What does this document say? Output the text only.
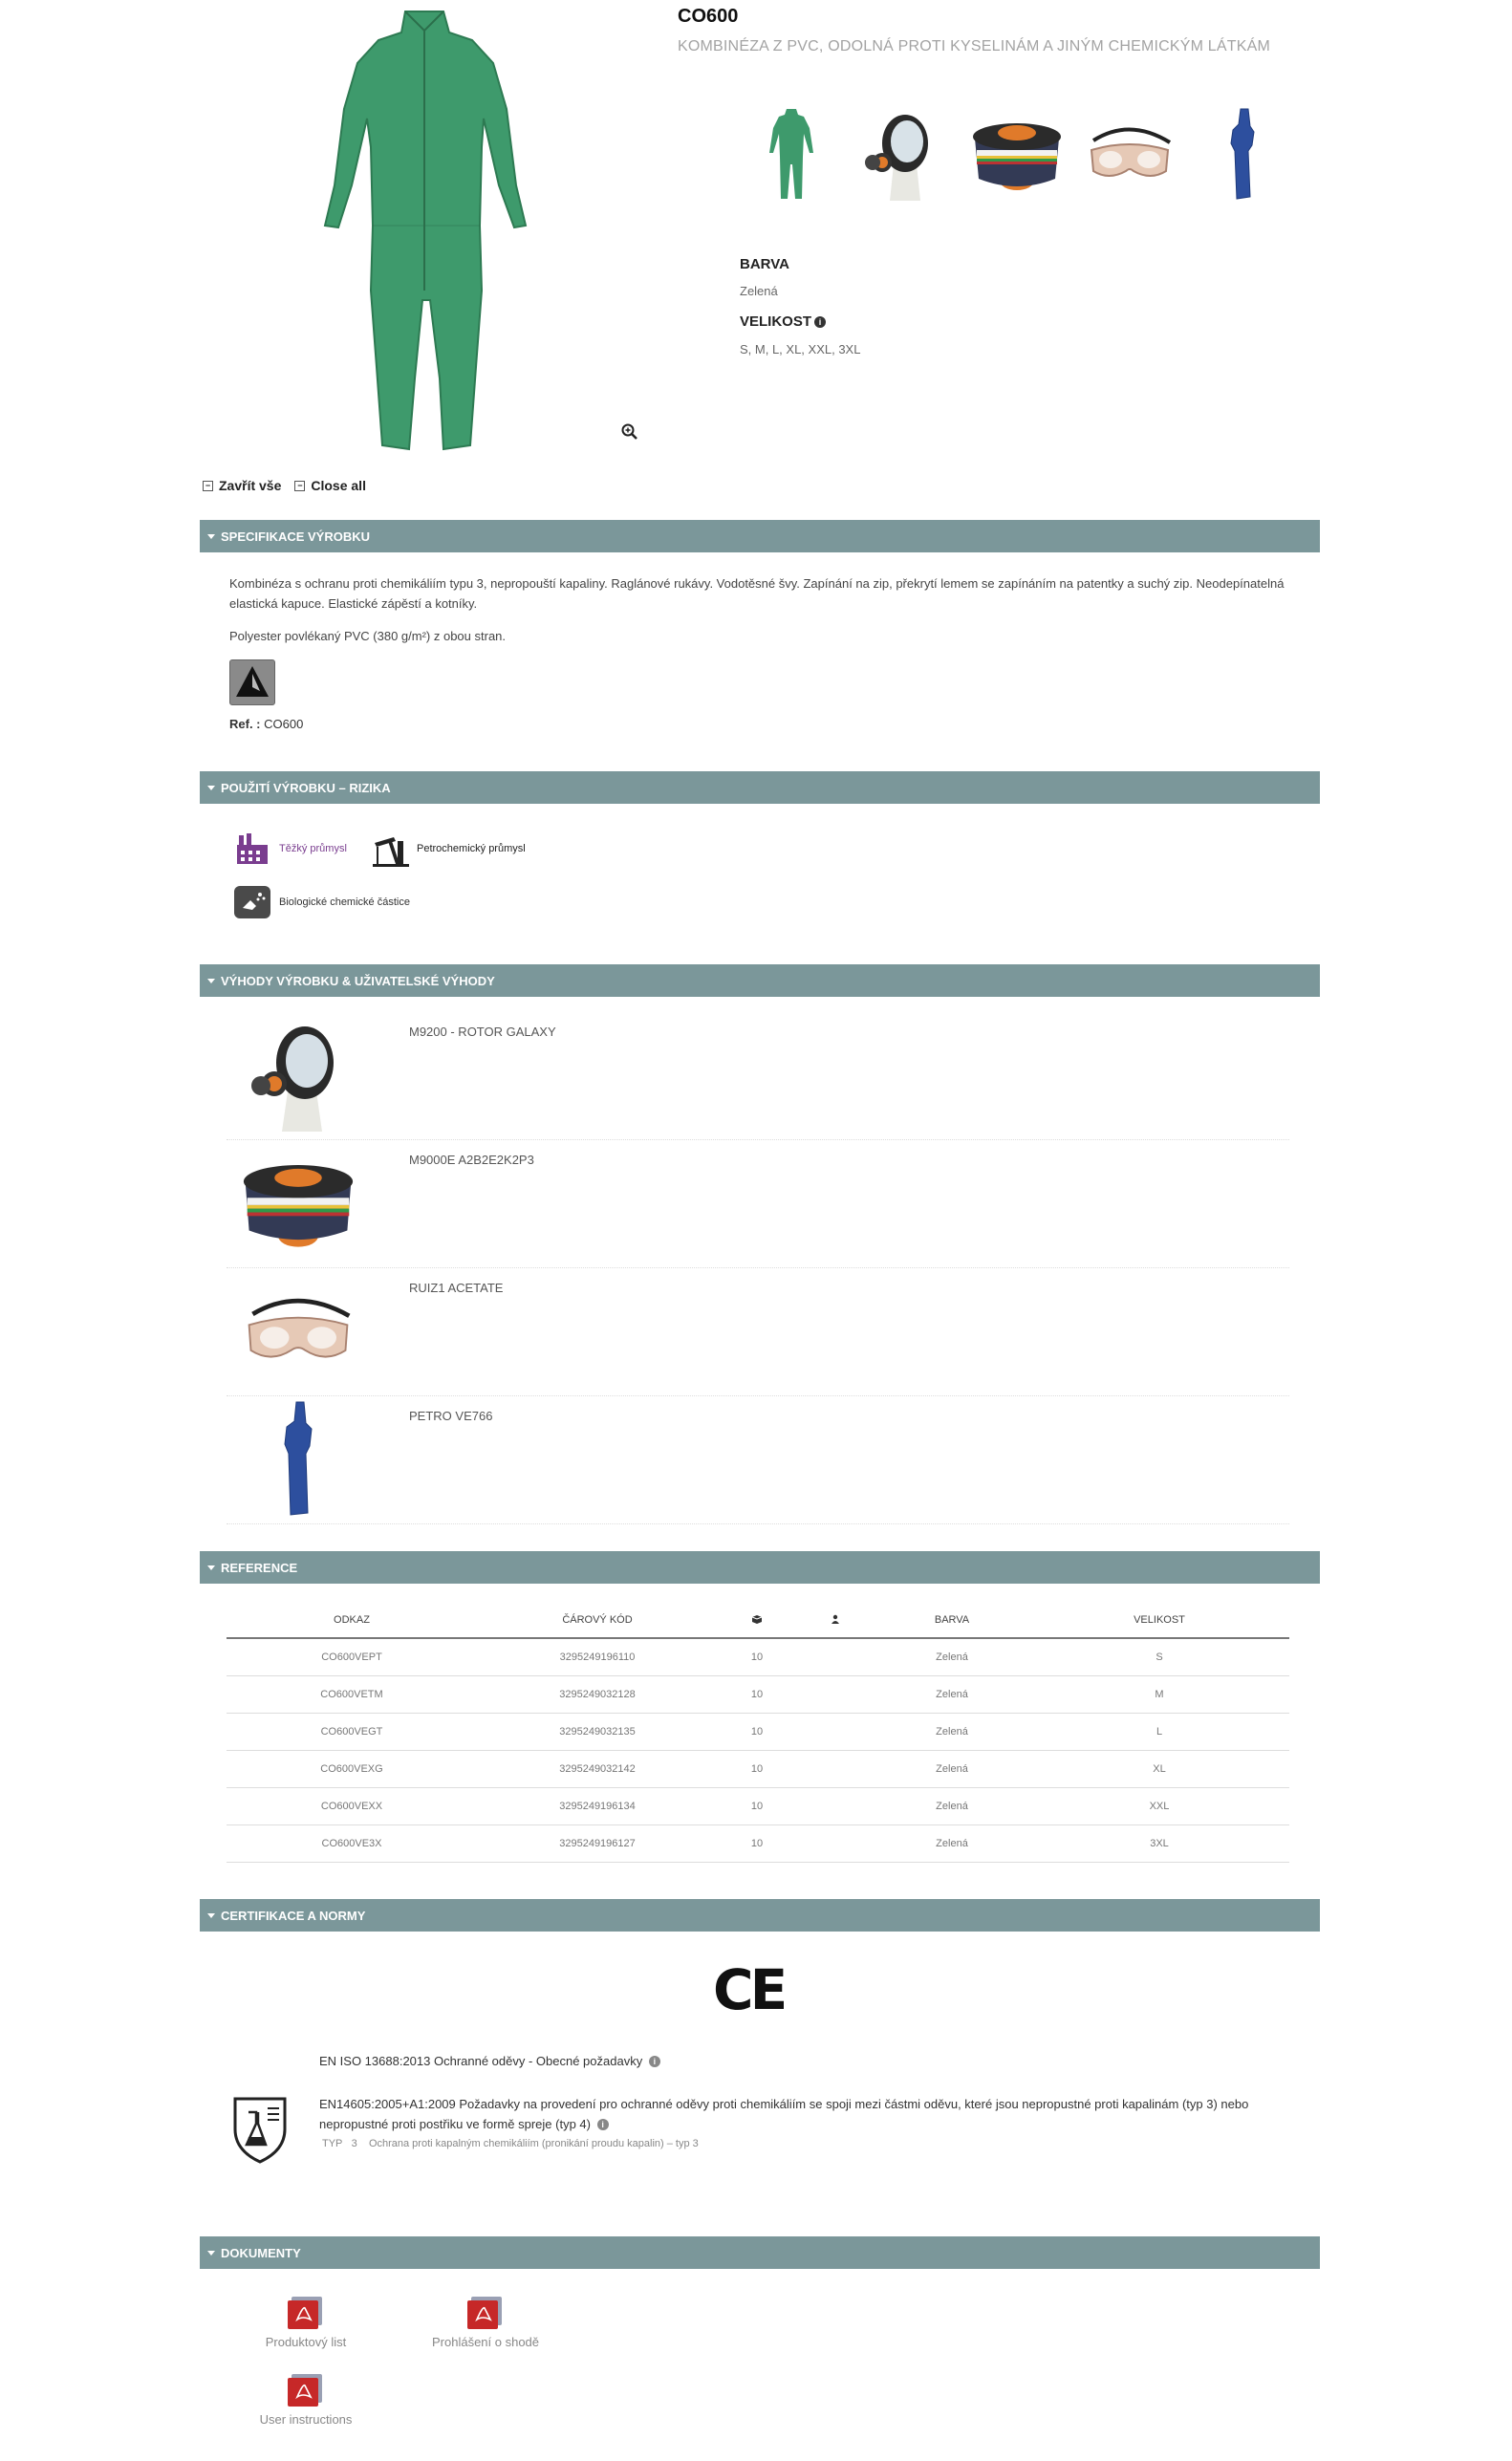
CO600
KOMBINÉZA Z PVC, ODOLNÁ PROTI KYSELINÁM A JINÝM CHEMICKÝM LÁTKÁM
BARVA
Zelená
VELIKOST i
S, M, L, XL, XXL, 3XL
− Zavřít vše	− Close all
SPECIFIKACE VÝROBKU
Kombinéza s ochranu proti chemikáliím typu 3, nepropouští kapaliny. Raglánové rukávy. Vodotěsné švy. Zapínání na zip, překrytí lemem se zapínáním na patentky a suchý zip. Neodepínatelná elastická kapuce. Elastické zápěstí a kotníky.
Polyester povlékaný PVC (380 g/m²) z obou stran.
Ref. : CO600
POUŽITÍ VÝROBKU – RIZIKA
Těžký průmysl	Petrochemický průmysl
Biologické chemické částice
VÝHODY VÝROBKU & UŽIVATELSKÉ VÝHODY
M9200 - ROTOR GALAXY
M9000E A2B2E2K2P3
RUIZ1 ACETATE
PETRO VE766
REFERENCE
ODKAZ	ČÁROVÝ KÓD			BARVA	VELIKOST
CO600VEPT	3295249196110	10		Zelená	S
CO600VETM	3295249032128	10		Zelená	M
CO600VEGT	3295249032135	10		Zelená	L
CO600VEXG	3295249032142	10		Zelená	XL
CO600VEXX	3295249196134	10		Zelená	XXL
CO600VE3X	3295249196127	10		Zelená	3XL
CERTIFIKACE A NORMY
CE
EN ISO 13688:2013 Ochranné oděvy - Obecné požadavky i
EN14605:2005+A1:2009 Požadavky na provedení pro ochranné oděvy proti chemikáliím se spoji mezi částmi oděvu, které jsou nepropustné proti kapalinám (typ 3) nebo nepropustné proti postřiku ve formě spreje (typ 4) i
TYP 3 Ochrana proti kapalným chemikáliím (pronikání proudu kapalin) – typ 3
DOKUMENTY
Produktový list	Prohlášení o shodě
User instructions
